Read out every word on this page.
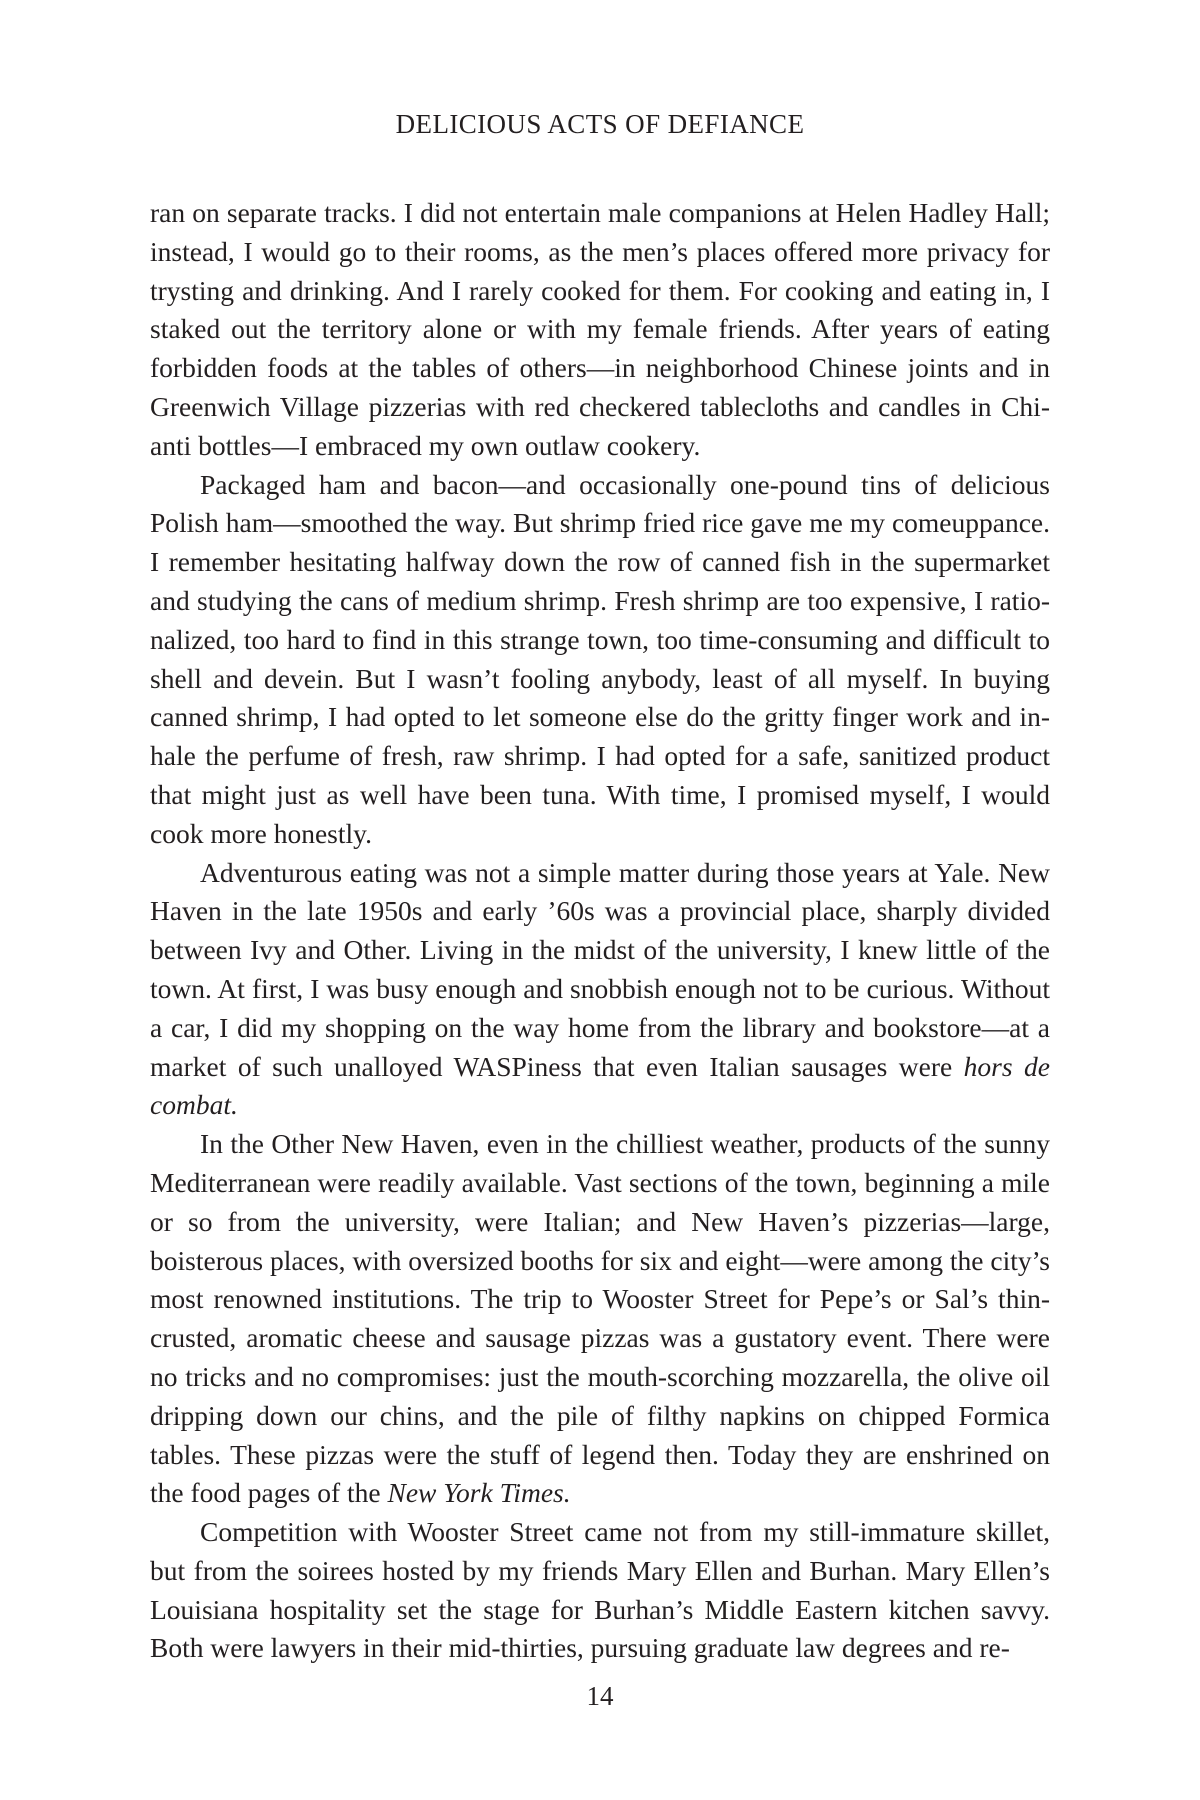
DELICIOUS ACTS OF DEFIANCE

ran on separate tracks. I did not entertain male companions at Helen Hadley Hall; instead, I would go to their rooms, as the men’s places offered more privacy for trysting and drinking. And I rarely cooked for them. For cooking and eating in, I staked out the territory alone or with my female friends. After years of eating forbidden foods at the tables of others—in neighborhood Chinese joints and in Greenwich Village pizzerias with red checkered tablecloths and candles in Chianti bottles—I embraced my own outlaw cookery.

Packaged ham and bacon—and occasionally one-pound tins of delicious Polish ham—smoothed the way. But shrimp fried rice gave me my comeuppance. I remember hesitating halfway down the row of canned fish in the supermarket and studying the cans of medium shrimp. Fresh shrimp are too expensive, I rationalized, too hard to find in this strange town, too time-consuming and difficult to shell and devein. But I wasn’t fooling anybody, least of all myself. In buying canned shrimp, I had opted to let someone else do the gritty finger work and inhale the perfume of fresh, raw shrimp. I had opted for a safe, sanitized product that might just as well have been tuna. With time, I promised myself, I would cook more honestly.

Adventurous eating was not a simple matter during those years at Yale. New Haven in the late 1950s and early ’60s was a provincial place, sharply divided between Ivy and Other. Living in the midst of the university, I knew little of the town. At first, I was busy enough and snobbish enough not to be curious. Without a car, I did my shopping on the way home from the library and bookstore—at a market of such unalloyed WASPiness that even Italian sausages were hors de combat.

In the Other New Haven, even in the chilliest weather, products of the sunny Mediterranean were readily available. Vast sections of the town, beginning a mile or so from the university, were Italian; and New Haven’s pizzerias—large, boisterous places, with oversized booths for six and eight—were among the city’s most renowned institutions. The trip to Wooster Street for Pepe’s or Sal’s thin-crusted, aromatic cheese and sausage pizzas was a gustatory event. There were no tricks and no compromises: just the mouth-scorching mozzarella, the olive oil dripping down our chins, and the pile of filthy napkins on chipped Formica tables. These pizzas were the stuff of legend then. Today they are enshrined on the food pages of the New York Times.

Competition with Wooster Street came not from my still-immature skillet, but from the soirees hosted by my friends Mary Ellen and Burhan. Mary Ellen’s Louisiana hospitality set the stage for Burhan’s Middle Eastern kitchen savvy. Both were lawyers in their mid-thirties, pursuing graduate law degrees and re-

14
